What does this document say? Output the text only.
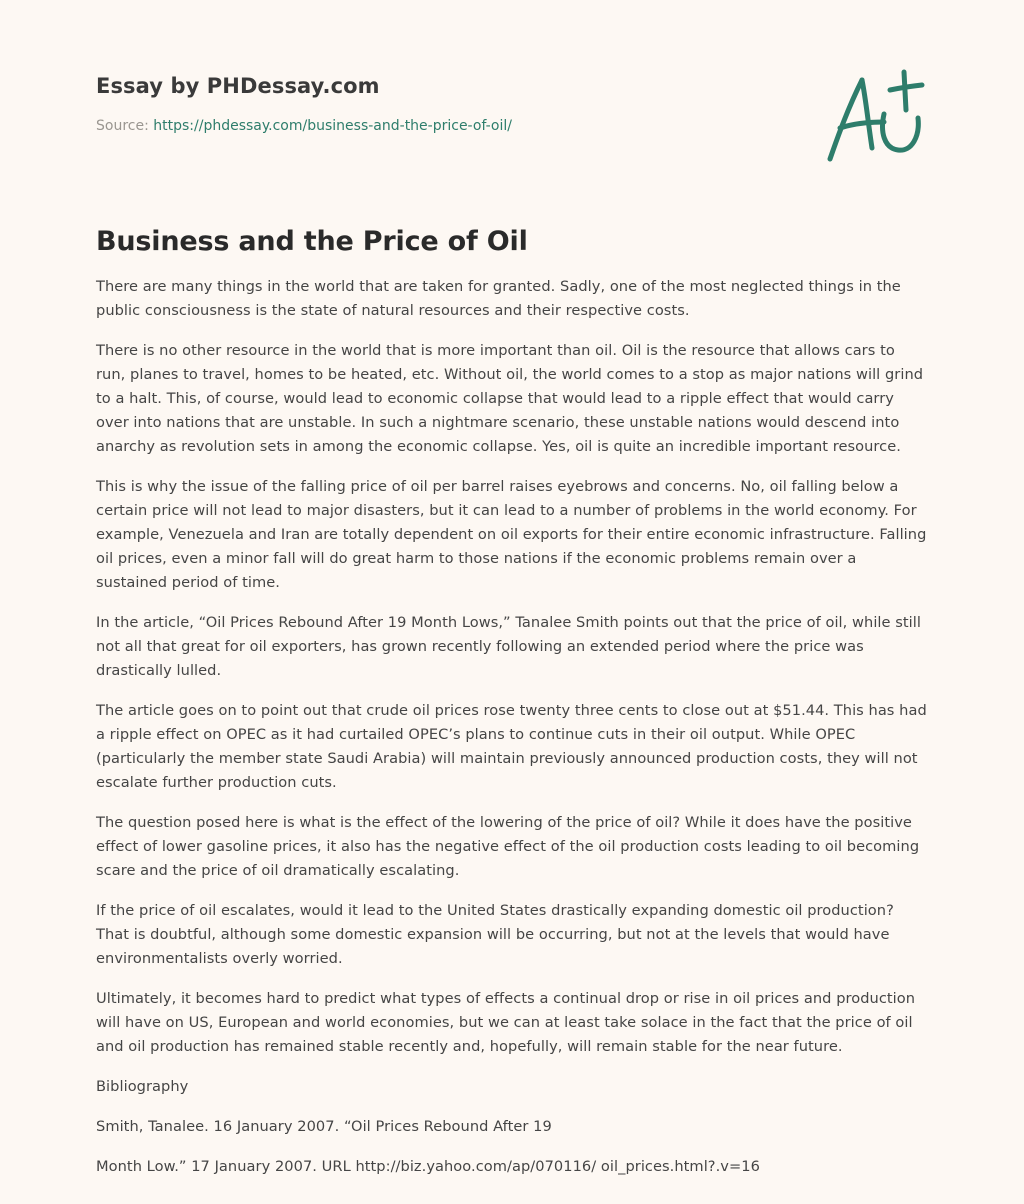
Essay by PHDessay.com
Source: https://phdessay.com/business-and-the-price-of-oil/
Business and the Price of Oil

There are many things in the world that are taken for granted. Sadly, one of the most neglected things in the public consciousness is the state of natural resources and their respective costs.

There is no other resource in the world that is more important than oil. Oil is the resource that allows cars to run, planes to travel, homes to be heated, etc. Without oil, the world comes to a stop as major nations will grind to a halt. This, of course, would lead to economic collapse that would lead to a ripple effect that would carry over into nations that are unstable. In such a nightmare scenario, these unstable nations would descend into anarchy as revolution sets in among the economic collapse. Yes, oil is quite an incredible important resource.

This is why the issue of the falling price of oil per barrel raises eyebrows and concerns. No, oil falling below a certain price will not lead to major disasters, but it can lead to a number of problems in the world economy. For example, Venezuela and Iran are totally dependent on oil exports for their entire economic infrastructure. Falling oil prices, even a minor fall will do great harm to those nations if the economic problems remain over a sustained period of time.

In the article, “Oil Prices Rebound After 19 Month Lows,” Tanalee Smith points out that the price of oil, while still not all that great for oil exporters, has grown recently following an extended period where the price was drastically lulled.

The article goes on to point out that crude oil prices rose twenty three cents to close out at $51.44. This has had a ripple effect on OPEC as it had curtailed OPEC’s plans to continue cuts in their oil output. While OPEC (particularly the member state Saudi Arabia) will maintain previously announced production costs, they will not escalate further production cuts.

The question posed here is what is the effect of the lowering of the price of oil? While it does have the positive effect of lower gasoline prices, it also has the negative effect of the oil production costs leading to oil becoming scare and the price of oil dramatically escalating.

If the price of oil escalates, would it lead to the United States drastically expanding domestic oil production? That is doubtful, although some domestic expansion will be occurring, but not at the levels that would have environmentalists overly worried.

Ultimately, it becomes hard to predict what types of effects a continual drop or rise in oil prices and production will have on US, European and world economies, but we can at least take solace in the fact that the price of oil and oil production has remained stable recently and, hopefully, will remain stable for the near future.

Bibliography

Smith, Tanalee. 16 January 2007. “Oil Prices Rebound After 19

Month Low.” 17 January 2007. URL http://biz.yahoo.com/ap/070116/ oil_prices.html?.v=16
